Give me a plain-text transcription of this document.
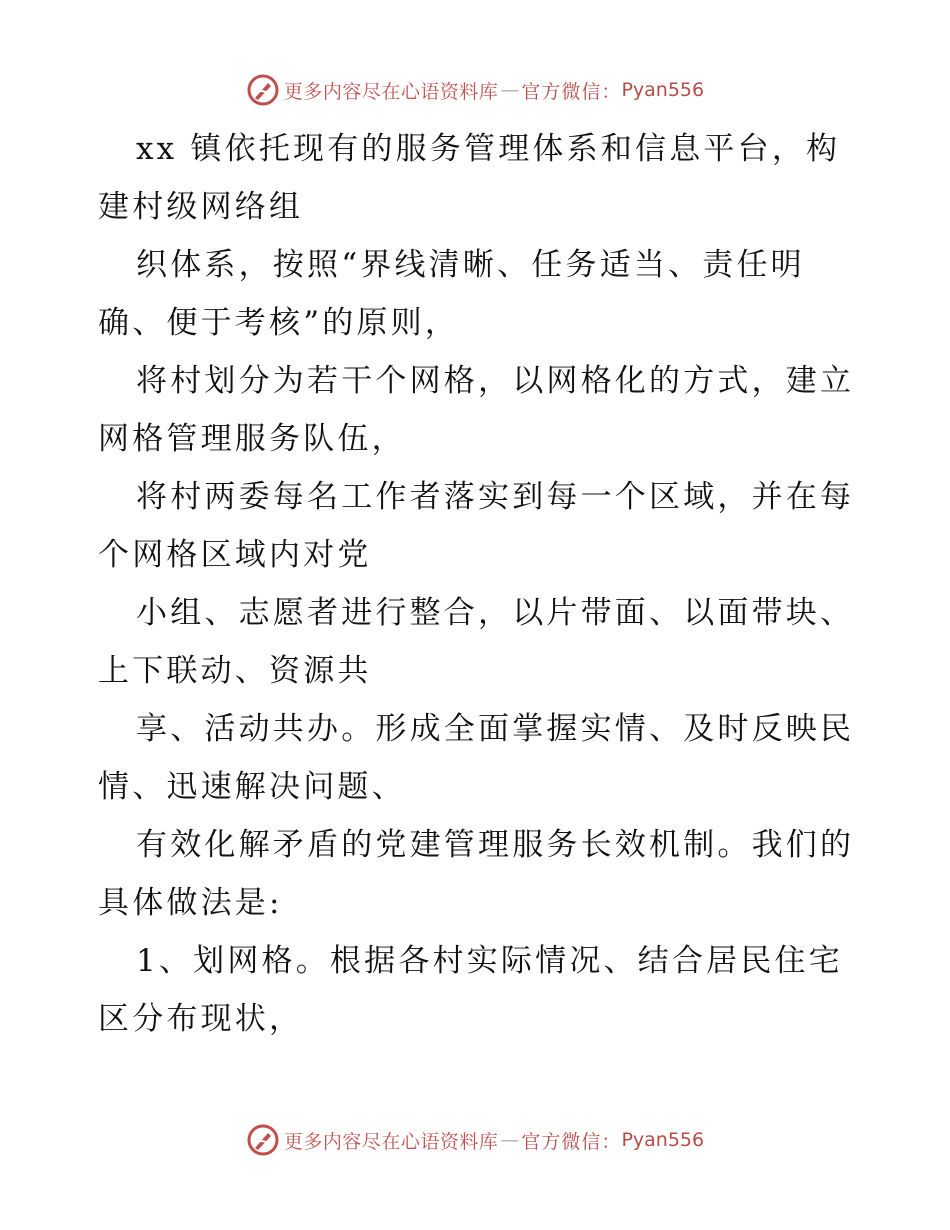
更多内容尽在心语资料库 — 官方微信： Pyan556

xx 镇依托现有的服务管理体系和信息平台，构建村级网络组

织体系，按照“界线清晰、任务适当、责任明确、便于考核”的原则，

将村划分为若干个网格，以网格化的方式，建立网格管理服务队伍，

将村两委每名工作者落实到每一个区域，并在每个网格区域内对党

小组、志愿者进行整合，以片带面、以面带块、上下联动、资源共

享、活动共办。形成全面掌握实情、及时反映民情、迅速解决问题、

有效化解矛盾的党建管理服务长效机制。我们的具体做法是:

1、划网格。根据各村实际情况、结合居民住宅区分布现状，

更多内容尽在心语资料库 — 官方微信： Pyan556
